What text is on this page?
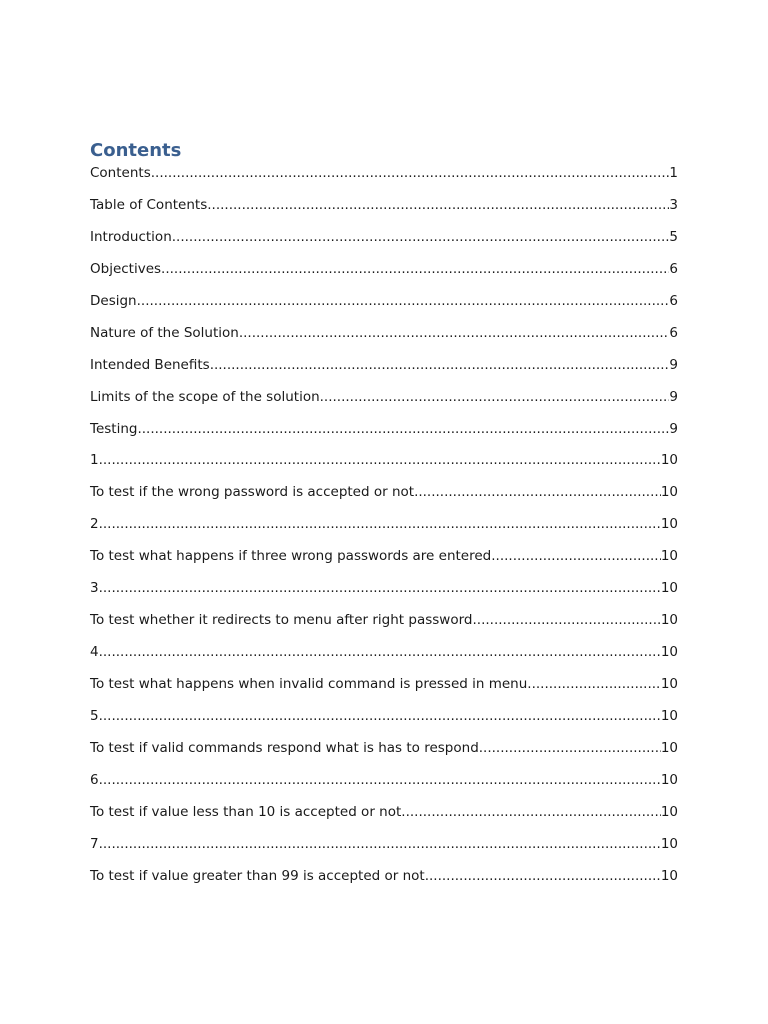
Contents
Contents .....	1
Table of Contents .....	3
Introduction .....	5
Objectives .....	6
Design .....	6
Nature of the Solution .....	6
Intended Benefits .....	9
Limits of the scope of the solution .....	9
Testing .....	9
1 .....	10
To test if the wrong password is accepted or not .....	10
2 .....	10
To test what happens if three wrong passwords are entered .....	10
3 .....	10
To test whether it redirects to menu after right password .....	10
4 .....	10
To test what happens when invalid command is pressed in menu .....	10
5 .....	10
To test if valid commands respond what is has to respond .....	10
6 .....	10
To test if value less than 10 is accepted or not .....	10
7 .....	10
To test if value greater than 99 is accepted or not .....	10
